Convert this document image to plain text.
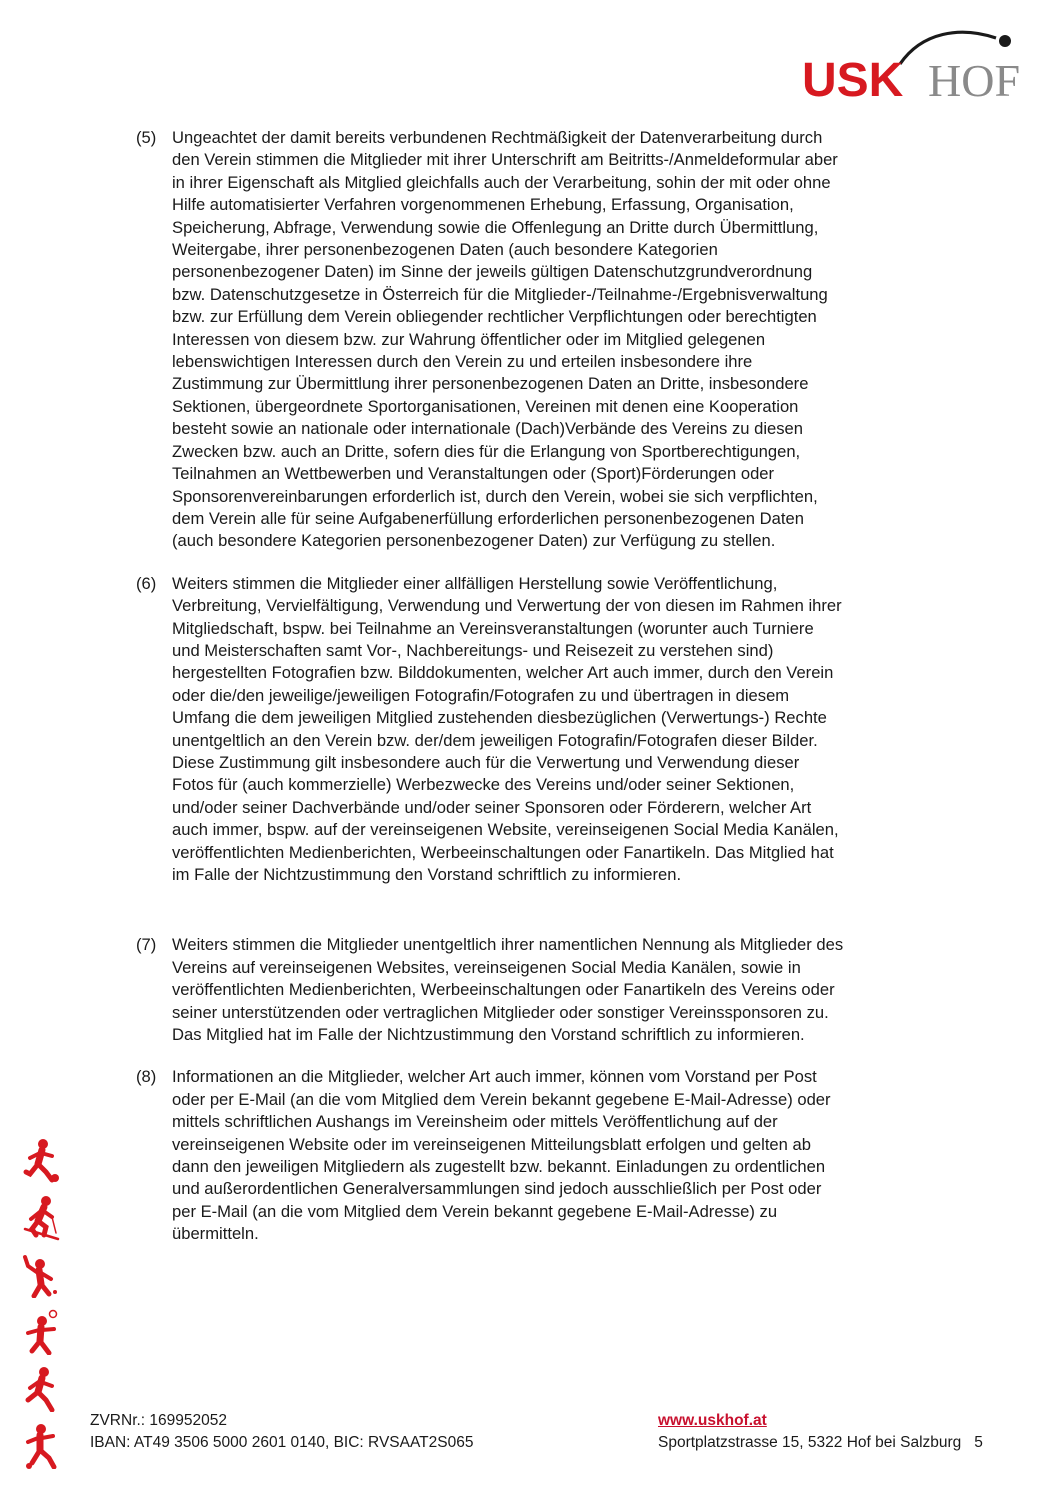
USK HOF
(5) Ungeachtet der damit bereits verbundenen Rechtmäßigkeit der Datenverarbeitung durch
den Verein stimmen die Mitglieder mit ihrer Unterschrift am Beitritts-/Anmeldeformular aber
in ihrer Eigenschaft als Mitglied gleichfalls auch der Verarbeitung, sohin der mit oder ohne
Hilfe automatisierter Verfahren vorgenommenen Erhebung, Erfassung, Organisation,
Speicherung, Abfrage, Verwendung sowie die Offenlegung an Dritte durch Übermittlung,
Weitergabe, ihrer personenbezogenen Daten (auch besondere Kategorien
personenbezogener Daten) im Sinne der jeweils gültigen Datenschutzgrundverordnung
bzw. Datenschutzgesetze in Österreich für die Mitglieder-/Teilnahme-/Ergebnisverwaltung
bzw. zur Erfüllung dem Verein obliegender rechtlicher Verpflichtungen oder berechtigten
Interessen von diesem bzw. zur Wahrung öffentlicher oder im Mitglied gelegenen
lebenswichtigen Interessen durch den Verein zu und erteilen insbesondere ihre
Zustimmung zur Übermittlung ihrer personenbezogenen Daten an Dritte, insbesondere
Sektionen, übergeordnete Sportorganisationen, Vereinen mit denen eine Kooperation
besteht sowie an nationale oder internationale (Dach)Verbände des Vereins zu diesen
Zwecken bzw. auch an Dritte, sofern dies für die Erlangung von Sportberechtigungen,
Teilnahmen an Wettbewerben und Veranstaltungen oder (Sport)Förderungen oder
Sponsorenvereinbarungen erforderlich ist, durch den Verein, wobei sie sich verpflichten,
dem Verein alle für seine Aufgabenerfüllung erforderlichen personenbezogenen Daten
(auch besondere Kategorien personenbezogener Daten) zur Verfügung zu stellen.
(6) Weiters stimmen die Mitglieder einer allfälligen Herstellung sowie Veröffentlichung,
Verbreitung, Vervielfältigung, Verwendung und Verwertung der von diesen im Rahmen ihrer
Mitgliedschaft, bspw. bei Teilnahme an Vereinsveranstaltungen (worunter auch Turniere
und Meisterschaften samt Vor-, Nachbereitungs- und Reisezeit zu verstehen sind)
hergestellten Fotografien bzw. Bilddokumenten, welcher Art auch immer, durch den Verein
oder die/den jeweilige/jeweiligen Fotografin/Fotografen zu und übertragen in diesem
Umfang die dem jeweiligen Mitglied zustehenden diesbezüglichen (Verwertungs-) Rechte
unentgeltlich an den Verein bzw. der/dem jeweiligen Fotografin/Fotografen dieser Bilder.
Diese Zustimmung gilt insbesondere auch für die Verwertung und Verwendung dieser
Fotos für (auch kommerzielle) Werbezwecke des Vereins und/oder seiner Sektionen,
und/oder seiner Dachverbände und/oder seiner Sponsoren oder Förderern, welcher Art
auch immer, bspw. auf der vereinseigenen Website, vereinseigenen Social Media Kanälen,
veröffentlichten Medienberichten, Werbeeinschaltungen oder Fanartikeln. Das Mitglied hat
im Falle der Nichtzustimmung den Vorstand schriftlich zu informieren.
(7) Weiters stimmen die Mitglieder unentgeltlich ihrer namentlichen Nennung als Mitglieder des
Vereins auf vereinseigenen Websites, vereinseigenen Social Media Kanälen, sowie in
veröffentlichten Medienberichten, Werbeeinschaltungen oder Fanartikeln des Vereins oder
seiner unterstützenden oder vertraglichen Mitglieder oder sonstiger Vereinssponsoren zu.
Das Mitglied hat im Falle der Nichtzustimmung den Vorstand schriftlich zu informieren.
(8) Informationen an die Mitglieder, welcher Art auch immer, können vom Vorstand per Post
oder per E-Mail (an die vom Mitglied dem Verein bekannt gegebene E-Mail-Adresse) oder
mittels schriftlichen Aushangs im Vereinsheim oder mittels Veröffentlichung auf der
vereinseigenen Website oder im vereinseigenen Mitteilungsblatt erfolgen und gelten ab
dann den jeweiligen Mitgliedern als zugestellt bzw. bekannt. Einladungen zu ordentlichen
und außerordentlichen Generalversammlungen sind jedoch ausschließlich per Post oder
per E-Mail (an die vom Mitglied dem Verein bekannt gegebene E-Mail-Adresse) zu
übermitteln.
ZVRNr.: 169952052
IBAN: AT49 3506 5000 2601 0140, BIC: RVSAAT2S065
www.uskhof.at
Sportplatzstrasse 15, 5322 Hof bei Salzburg 5
